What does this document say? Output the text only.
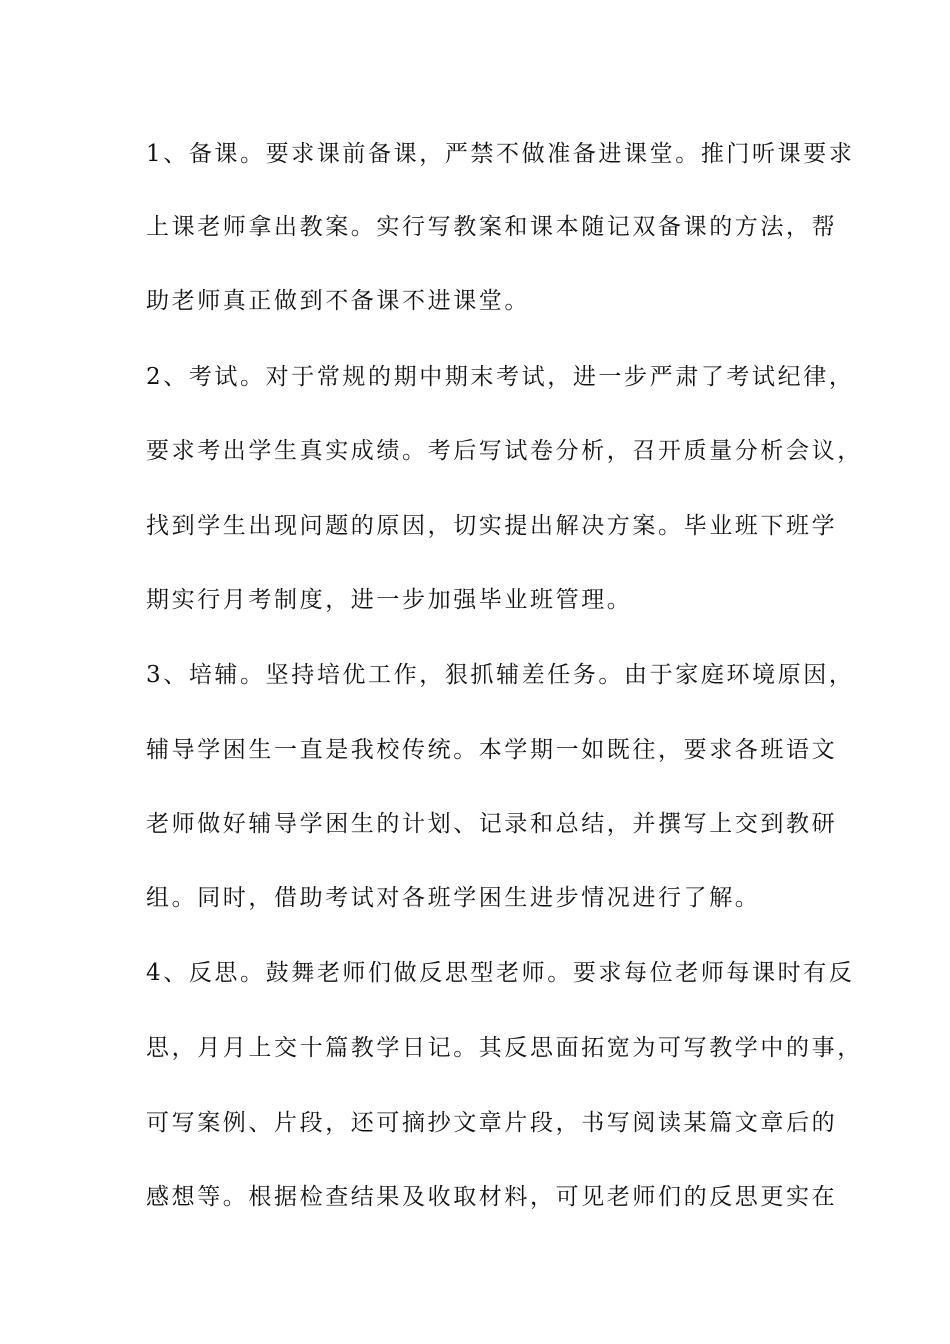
1、备课。要求课前备课，严禁不做准备进课堂。推门听课要求
上课老师拿出教案。实行写教案和课本随记双备课的方法，帮
助老师真正做到不备课不进课堂。
2、考试。对于常规的期中期末考试，进一步严肃了考试纪律，
要求考出学生真实成绩。考后写试卷分析，召开质量分析会议，
找到学生出现问题的原因，切实提出解决方案。毕业班下班学
期实行月考制度，进一步加强毕业班管理。
3、培辅。坚持培优工作，狠抓辅差任务。由于家庭环境原因，
辅导学困生一直是我校传统。本学期一如既往，要求各班语文
老师做好辅导学困生的计划、记录和总结，并撰写上交到教研
组。同时，借助考试对各班学困生进步情况进行了解。
4、反思。鼓舞老师们做反思型老师。要求每位老师每课时有反
思，月月上交十篇教学日记。其反思面拓宽为可写教学中的事，
可写案例、片段，还可摘抄文章片段，书写阅读某篇文章后的
感想等。根据检查结果及收取材料，可见老师们的反思更实在
